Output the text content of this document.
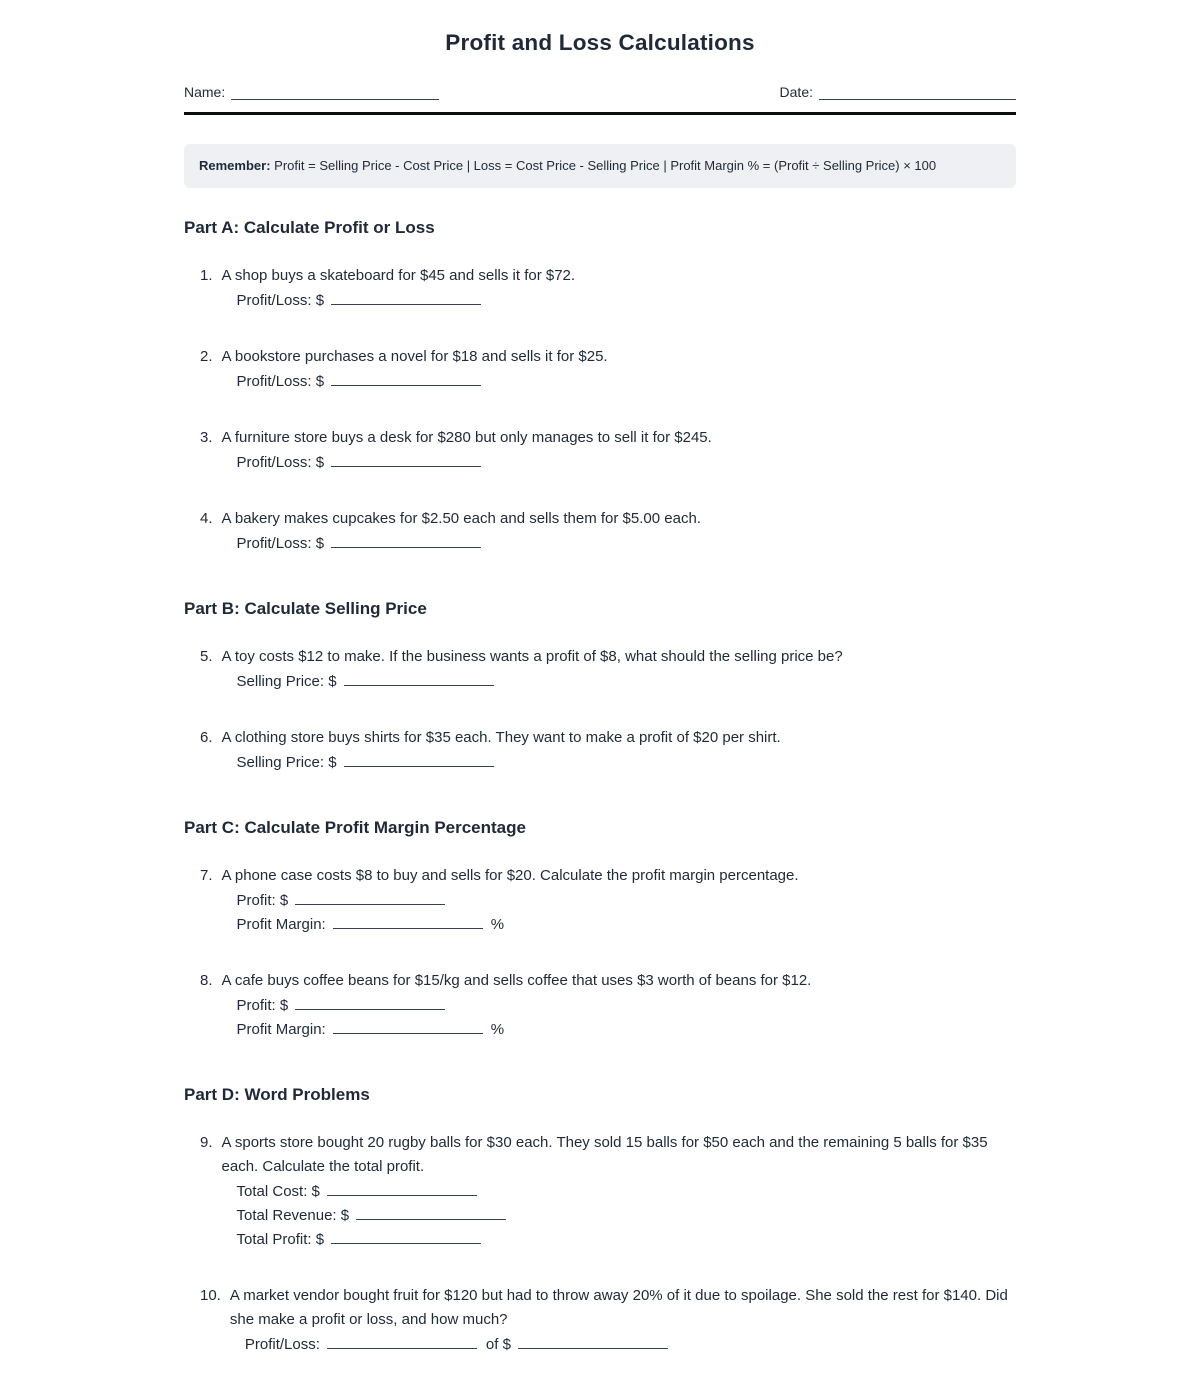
Profit and Loss Calculations
Name:	Date:
Remember: Profit = Selling Price - Cost Price | Loss = Cost Price - Selling Price | Profit Margin % = (Profit ÷ Selling Price) × 100
Part A: Calculate Profit or Loss
1. A shop buys a skateboard for $45 and sells it for $72.
Profit/Loss: $
2. A bookstore purchases a novel for $18 and sells it for $25.
Profit/Loss: $
3. A furniture store buys a desk for $280 but only manages to sell it for $245.
Profit/Loss: $
4. A bakery makes cupcakes for $2.50 each and sells them for $5.00 each.
Profit/Loss: $
Part B: Calculate Selling Price
5. A toy costs $12 to make. If the business wants a profit of $8, what should the selling price be?
Selling Price: $
6. A clothing store buys shirts for $35 each. They want to make a profit of $20 per shirt.
Selling Price: $
Part C: Calculate Profit Margin Percentage
7. A phone case costs $8 to buy and sells for $20. Calculate the profit margin percentage.
Profit: $
Profit Margin:	%
8. A cafe buys coffee beans for $15/kg and sells coffee that uses $3 worth of beans for $12.
Profit: $
Profit Margin:	%
Part D: Word Problems
9. A sports store bought 20 rugby balls for $30 each. They sold 15 balls for $50 each and the remaining 5 balls for $35 each. Calculate the total profit.
Total Cost: $
Total Revenue: $
Total Profit: $
10. A market vendor bought fruit for $120 but had to throw away 20% of it due to spoilage. She sold the rest for $140. Did she make a profit or loss, and how much?
Profit/Loss:	of $
